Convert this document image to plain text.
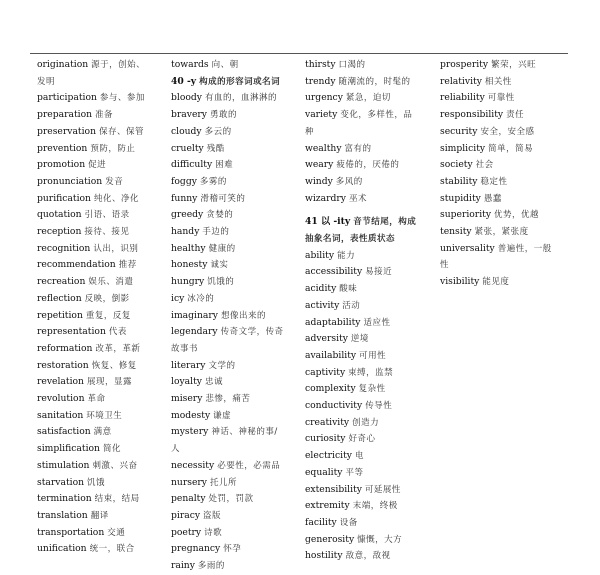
origination 源于，创始、
发明
participation 参与、参加
preparation 准备
preservation 保存、保管
prevention 预防，防止
promotion 促进
pronunciation 发音
purification 纯化、净化
quotation 引语、语录
reception 接待、接见
recognition 认出，识别
recommendation 推荐
recreation 娱乐、消遣
reflection 反映，倒影
repetition 重复，反复
representation 代表
reformation 改革，革新
restoration 恢复、修复
revelation 展现，显露
revolution 革命
sanitation 环境卫生
satisfaction 满意
simplification 简化
stimulation 刺激、兴奋
starvation 饥饿
termination 结束，结局
translation 翻译
transportation 交通
unification 统一，联合
towards 向、朝
40 -y 构成的形容词或名词
bloody 有血的，血淋淋的
bravery 勇敢的
cloudy 多云的
cruelty 残酷
difficulty 困难
foggy 多雾的
funny 滑稽可笑的
greedy 贪婪的
handy 手边的
healthy 健康的
honesty 诚实
hungry 饥饿的
icy 冰冷的
imaginary 想像出来的
legendary 传奇文学，传奇
故事书
literary 文学的
loyalty 忠诚
misery 悲惨，痛苦
modesty 谦虚
mystery 神话、神秘的事/
人
necessity 必要性，必需品
nursery 托儿所
penalty 处罚，罚款
piracy 盗版
poetry 诗歌
pregnancy 怀孕
rainy 多雨的
thirsty 口渴的
trendy 随潮流的，时髦的
urgency 紧急，迫切
variety 变化，多样性，品
种
wealthy 富有的
weary 疲倦的，厌倦的
windy 多风的
wizardry 巫术
41 以 -ity 音节结尾，构成
抽象名词，表性质状态
ability 能力
accessibility 易接近
acidity 酸味
activity 活动
adaptability 适应性
adversity 逆境
availability 可用性
captivity 束缚，监禁
complexity 复杂性
conductivity 传导性
creativity 创造力
curiosity 好奇心
electricity 电
equality 平等
extensibility 可延展性
extremity 末端，终极
facility 设备
generosity 慷慨，大方
hostility 敌意，敌视
prosperity 繁荣，兴旺
relativity 相关性
reliability 可靠性
responsibility 责任
security 安全，安全感
simplicity 简单，简易
society 社会
stability 稳定性
stupidity 愚蠢
superiority 优势，优越
tensity 紧张，紧张度
universality 普遍性，一般
性
visibility 能见度
